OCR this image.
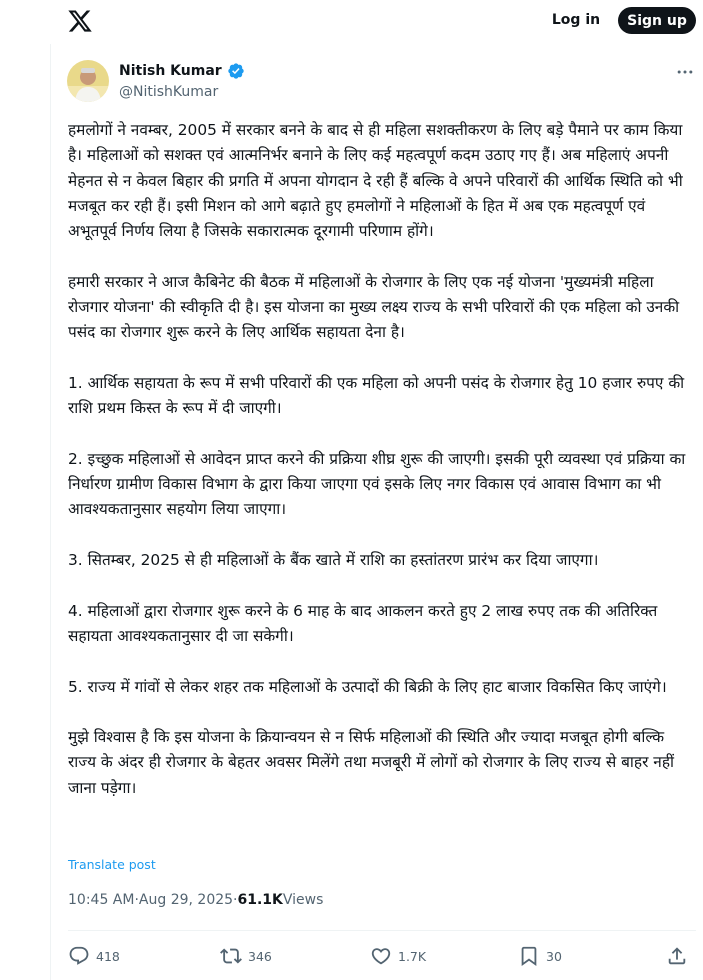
Log in	Sign up
Nitish Kumar
@NitishKumar
हमलोगों ने नवम्बर, 2005 में सरकार बनने के बाद से ही महिला सशक्तीकरण के लिए बड़े पैमाने पर काम किया है। महिलाओं को सशक्त एवं आत्मनिर्भर बनाने के लिए कई महत्वपूर्ण कदम उठाए गए हैं। अब महिलाएं अपनी मेहनत से न केवल बिहार की प्रगति में अपना योगदान दे रही हैं बल्कि वे अपने परिवारों की आर्थिक स्थिति को भी मजबूत कर रही हैं। इसी मिशन को आगे बढ़ाते हुए हमलोगों ने महिलाओं के हित में अब एक महत्वपूर्ण एवं अभूतपूर्व निर्णय लिया है जिसके सकारात्मक दूरगामी परिणाम होंगे।
हमारी सरकार ने आज कैबिनेट की बैठक में महिलाओं के रोजगार के लिए एक नई योजना 'मुख्यमंत्री महिला रोजगार योजना' की स्वीकृति दी है। इस योजना का मुख्य लक्ष्य राज्य के सभी परिवारों की एक महिला को उनकी पसंद का रोजगार शुरू करने के लिए आर्थिक सहायता देना है।
1. आर्थिक सहायता के रूप में सभी परिवारों की एक महिला को अपनी पसंद के रोजगार हेतु 10 हजार रुपए की राशि प्रथम किस्त के रूप में दी जाएगी।
2. इच्छुक महिलाओं से आवेदन प्राप्त करने की प्रक्रिया शीघ्र शुरू की जाएगी। इसकी पूरी व्यवस्था एवं प्रक्रिया का निर्धारण ग्रामीण विकास विभाग के द्वारा किया जाएगा एवं इसके लिए नगर विकास एवं आवास विभाग का भी आवश्यकतानुसार सहयोग लिया जाएगा।
3. सितम्बर, 2025 से ही महिलाओं के बैंक खाते में राशि का हस्तांतरण प्रारंभ कर दिया जाएगा।
4. महिलाओं द्वारा रोजगार शुरू करने के 6 माह के बाद आकलन करते हुए 2 लाख रुपए तक की अतिरिक्त सहायता आवश्यकतानुसार दी जा सकेगी।
5. राज्य में गांवों से लेकर शहर तक महिलाओं के उत्पादों की बिक्री के लिए हाट बाजार विकसित किए जाएंगे।
मुझे विश्वास है कि इस योजना के क्रियान्वयन से न सिर्फ महिलाओं की स्थिति और ज्यादा मजबूत होगी बल्कि राज्य के अंदर ही रोजगार के बेहतर अवसर मिलेंगे तथा मजबूरी में लोगों को रोजगार के लिए राज्य से बाहर नहीं जाना पड़ेगा।
Translate post
10:45 AM · Aug 29, 2025 · 61.1K Views
418	346	1.7K	30
